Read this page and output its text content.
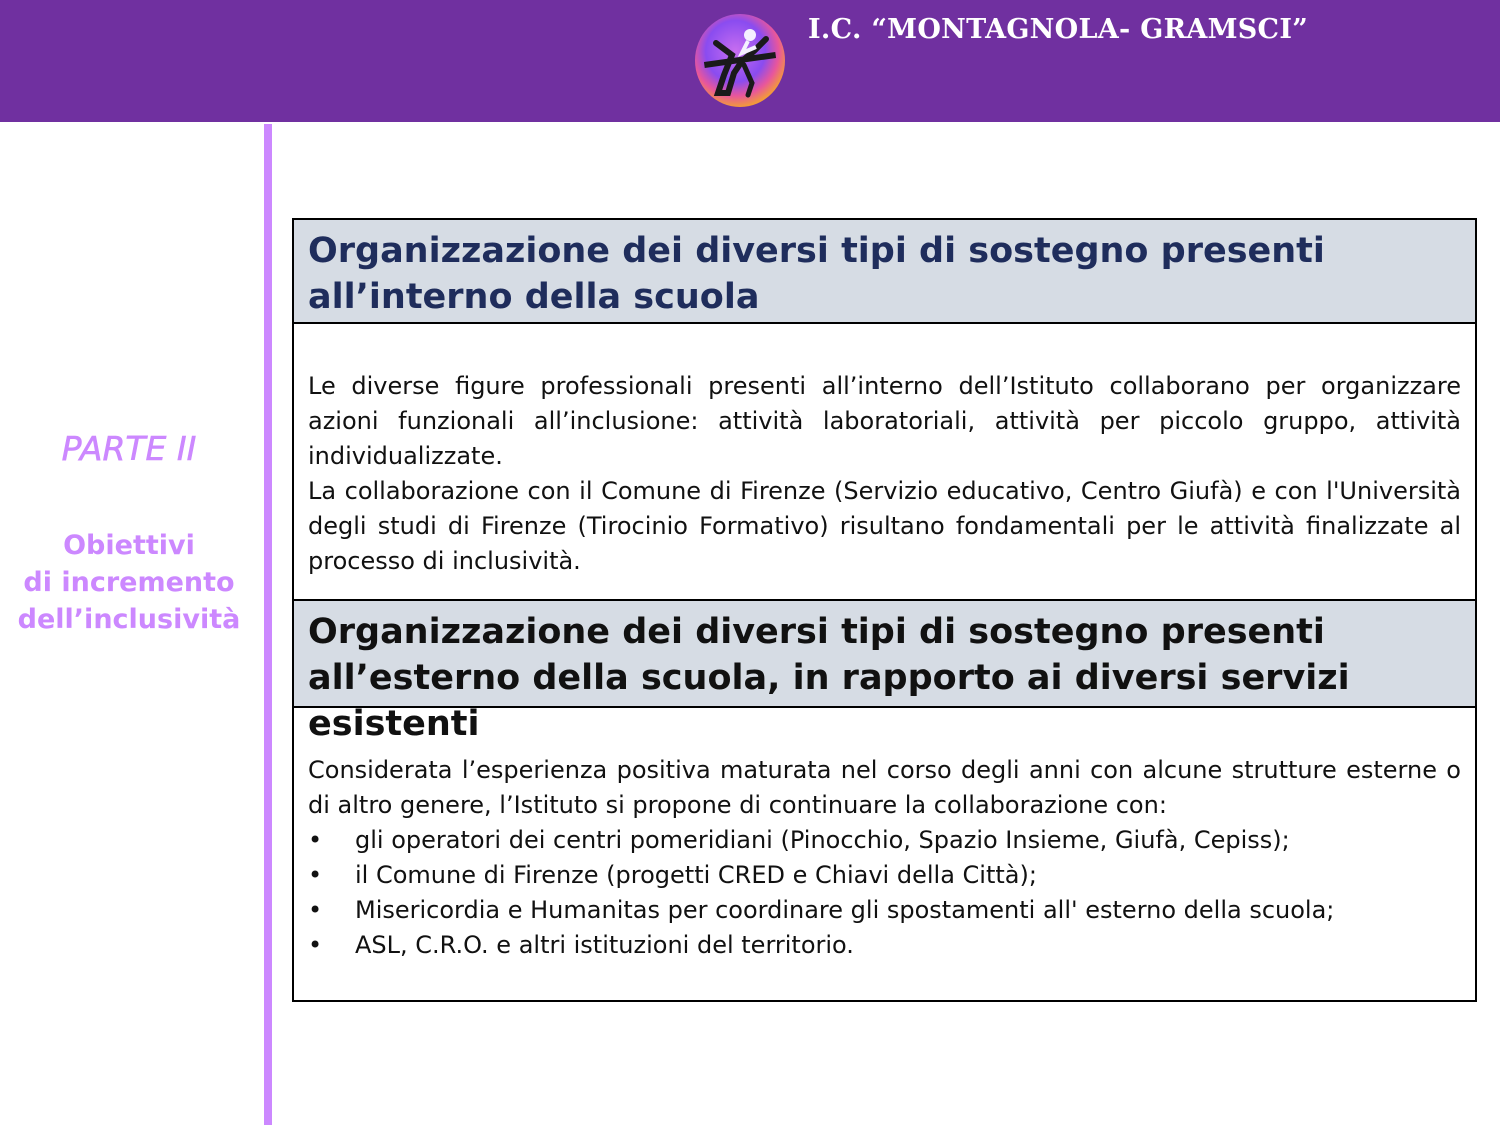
I.C. “MONTAGNOLA- GRAMSCI”
PARTE II
Obiettivi
di incremento
dell’inclusività
Organizzazione dei diversi tipi di sostegno presenti
all’interno della scuola
Le diverse figure professionali presenti all’interno dell’Istituto collaborano per organizzare azioni funzionali all’inclusione: attività laboratoriali, attività per piccolo gruppo, attività individualizzate.
La collaborazione con il Comune di Firenze (Servizio educativo, Centro Giufà) e con l'Università degli studi di Firenze (Tirocinio Formativo) risultano fondamentali per le attività finalizzate al processo di inclusività.
Organizzazione dei diversi tipi di sostegno presenti
all’esterno della scuola, in rapporto ai diversi servizi esistenti
Considerata l’esperienza positiva maturata nel corso degli anni con alcune strutture esterne o di altro genere, l’Istituto si propone di continuare la collaborazione con:
• gli operatori dei centri pomeridiani (Pinocchio, Spazio Insieme, Giufà, Cepiss);
• il Comune di Firenze (progetti CRED e Chiavi della Città);
• Misericordia e Humanitas per coordinare gli spostamenti all' esterno della scuola;
• ASL, C.R.O. e altri istituzioni del territorio.
